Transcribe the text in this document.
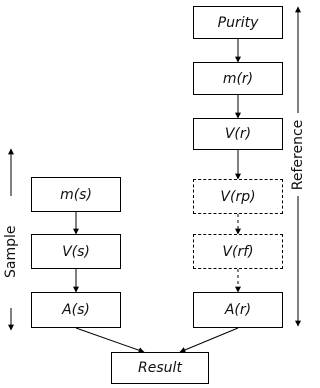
Purity
m(r)
V(r)
V(rp)
V(rf)
A(r)
m(s)
V(s)
A(s)
Result
Sample
Reference
